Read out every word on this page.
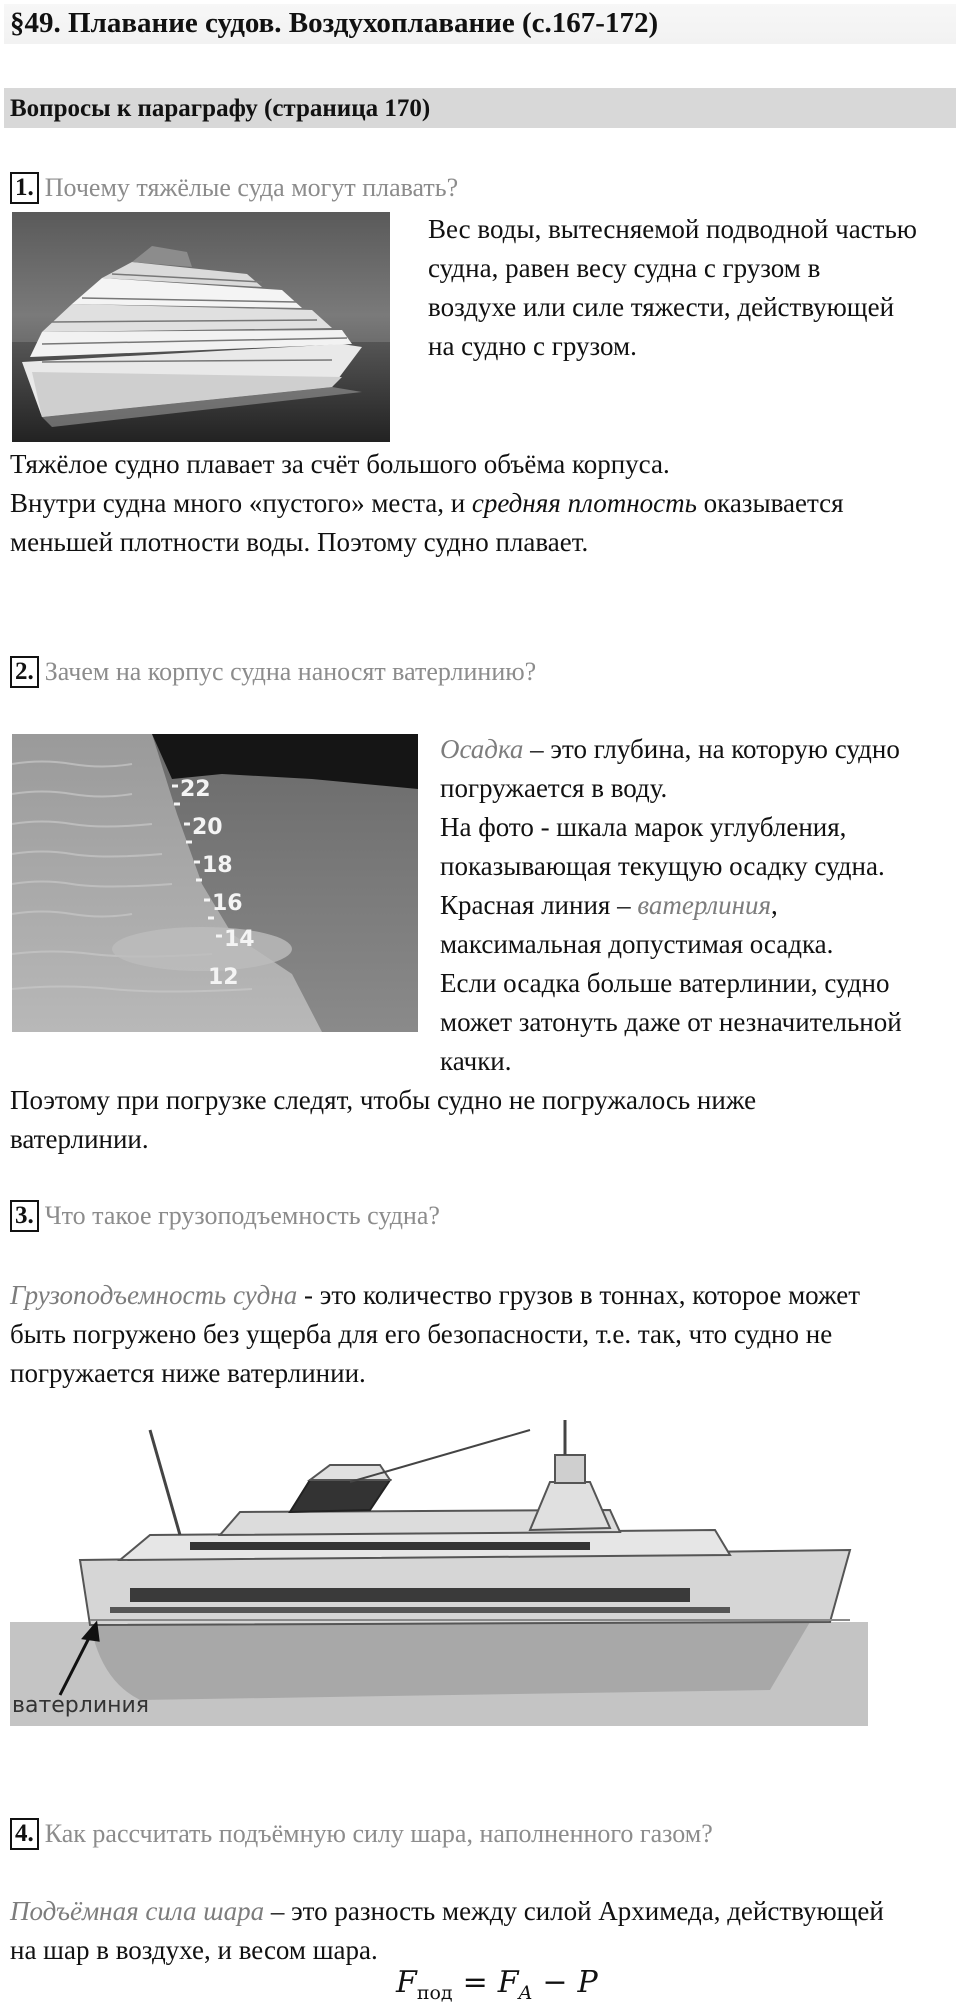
§49. Плавание судов. Воздухоплавание (с.167-172)
Вопросы к параграфу (страница 170)
1. Почему тяжёлые суда могут плавать?
Вес воды, вытесняемой подводной частью
судна, равен весу судна с грузом в
воздухе или силе тяжести, действующей
на судно с грузом.
Тяжёлое судно плавает за счёт большого объёма корпуса.
Внутри судна много «пустого» места, и средняя плотность оказывается
меньшей плотности воды. Поэтому судно плавает.
2. Зачем на корпус судна наносят ватерлинию?
22
20
18
16
14
12
Осадка – это глубина, на которую судно
погружается в воду.
На фото - шкала марок углубления,
показывающая текущую осадку судна.
Красная линия – ватерлиния,
максимальная допустимая осадка.
Если осадка больше ватерлинии, судно
может затонуть даже от незначительной
качки.
Поэтому при погрузке следят, чтобы судно не погружалось ниже
ватерлинии.
3. Что такое грузоподъемность судна?
Грузоподъемность судна - это количество грузов в тоннах, которое может
быть погружено без ущерба для его безопасности, т.е. так, что судно не
погружается ниже ватерлинии.
ватерлиния
4. Как рассчитать подъёмную силу шара, наполненного газом?
Подъёмная сила шара – это разность между силой Архимеда, действующей
на шар в воздухе, и весом шара.
$F_{под} = F_A - P$
